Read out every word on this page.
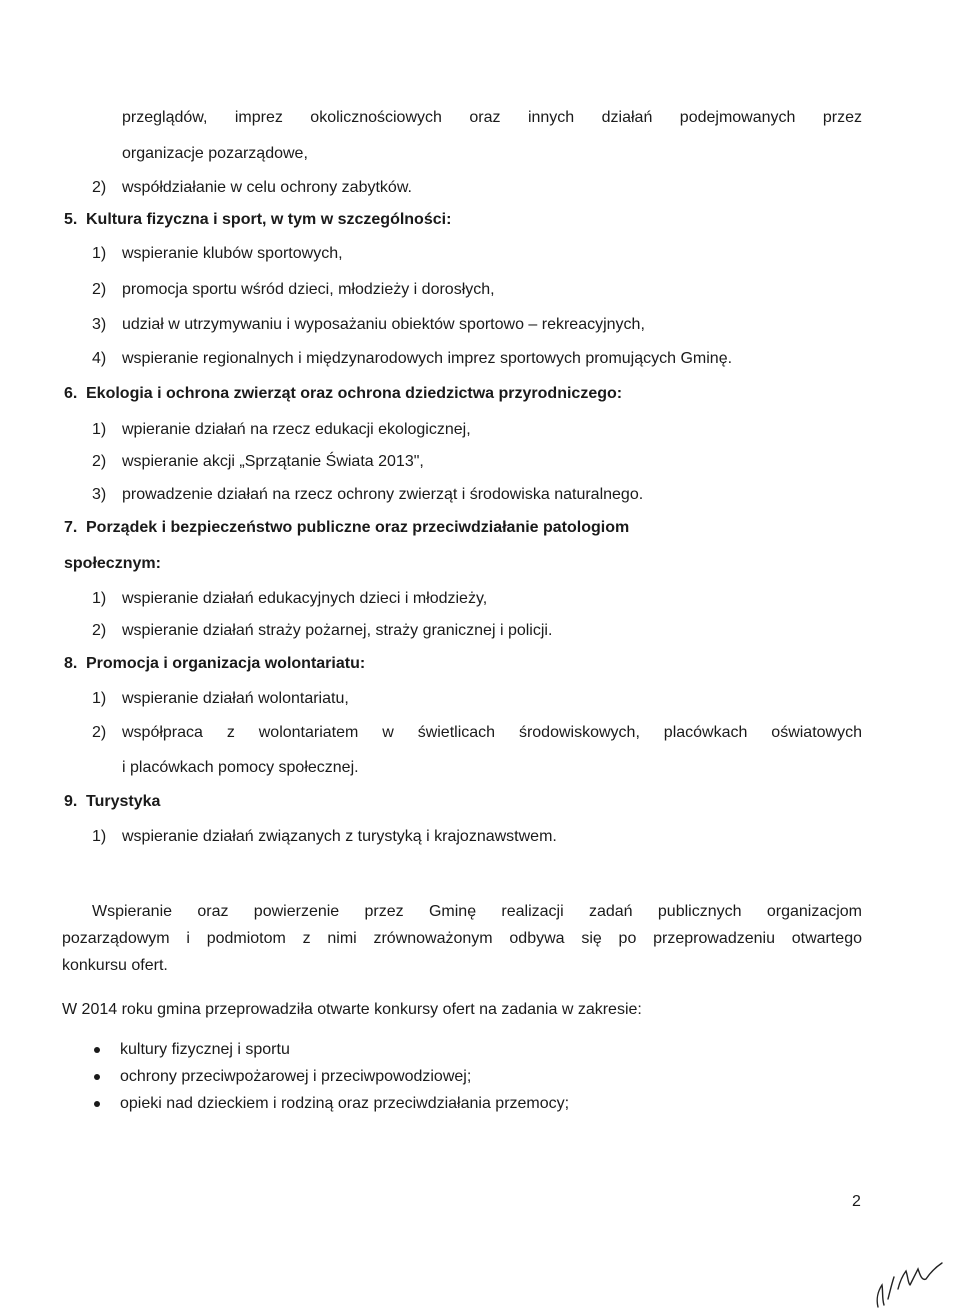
przeglądów, imprez okolicznościowych oraz innych działań podejmowanych przez
organizacje pozarządowe,
2) współdziałanie w celu ochrony zabytków.
5. Kultura fizyczna i sport, w tym w szczególności:
1) wspieranie klubów sportowych,
2) promocja sportu wśród dzieci, młodzieży i dorosłych,
3) udział w utrzymywaniu i wyposażaniu obiektów sportowo – rekreacyjnych,
4) wspieranie regionalnych i międzynarodowych imprez sportowych promujących Gminę.
6. Ekologia i ochrona zwierząt oraz ochrona dziedzictwa przyrodniczego:
1) wpieranie działań na rzecz edukacji ekologicznej,
2) wspieranie akcji „Sprzątanie Świata 2013",
3) prowadzenie działań na rzecz ochrony zwierząt i środowiska naturalnego.
7. Porządek i bezpieczeństwo publiczne oraz przeciwdziałanie patologiom
społecznym:
1) wspieranie działań edukacyjnych dzieci i młodzieży,
2) wspieranie działań straży pożarnej, straży granicznej i policji.
8. Promocja i organizacja wolontariatu:
1) wspieranie działań wolontariatu,
2) współpraca z wolontariatem w świetlicach środowiskowych, placówkach oświatowych
i placówkach pomocy społecznej.
9. Turystyka
1) wspieranie działań związanych z turystyką i krajoznawstwem.
Wspieranie oraz powierzenie przez Gminę realizacji zadań publicznych organizacjom
pozarządowym i podmiotom z nimi zrównoważonym odbywa się po przeprowadzeniu otwartego
konkursu ofert.
W 2014 roku gmina przeprowadziła otwarte konkursy ofert na zadania w zakresie:
kultury fizycznej i sportu
ochrony przeciwpożarowej i przeciwpowodziowej;
opieki nad dzieckiem i rodziną oraz przeciwdziałania przemocy;
2
